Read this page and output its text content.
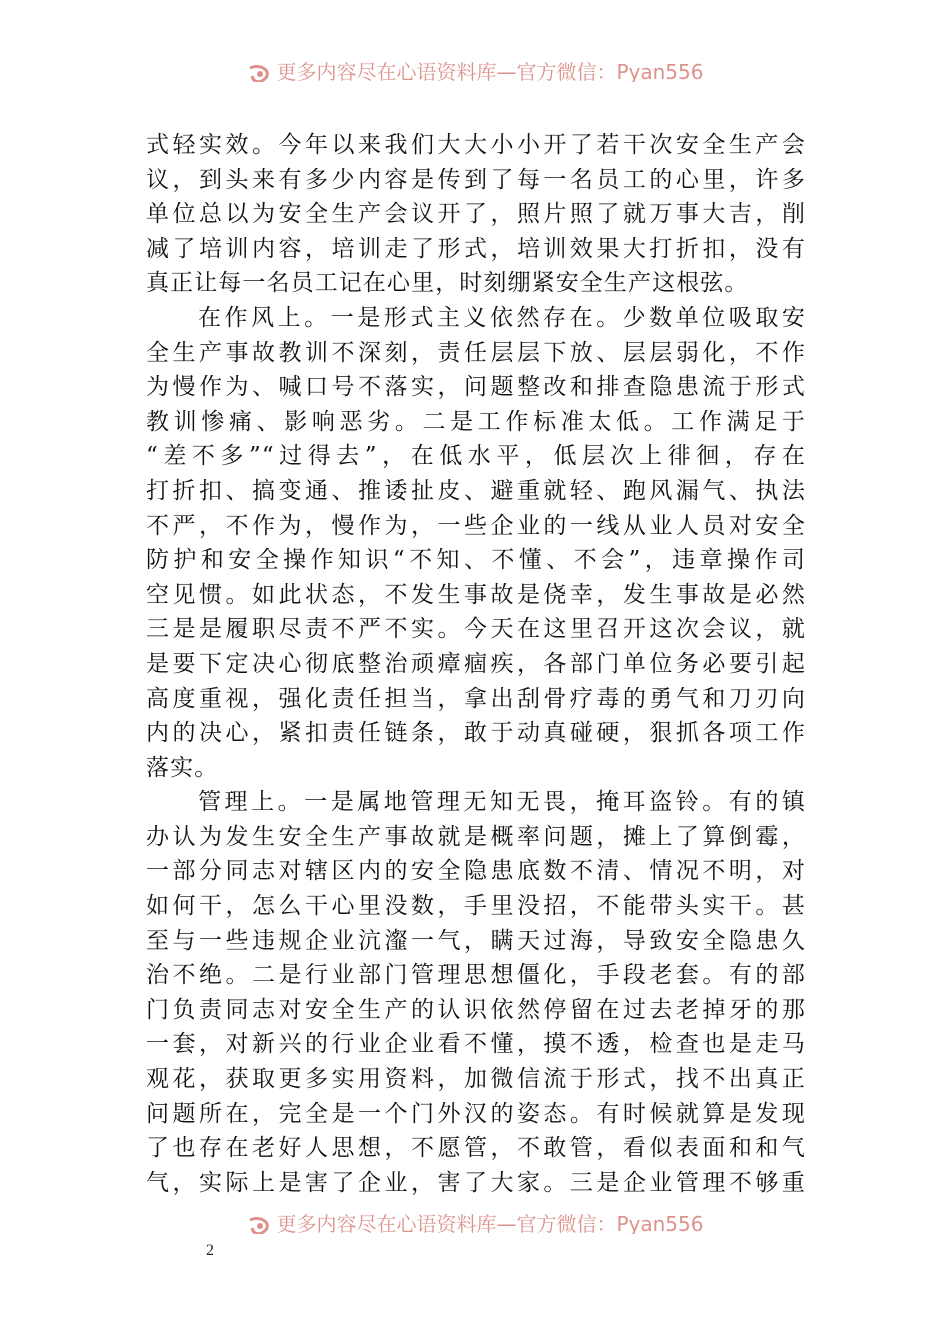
更多内容尽在心语资料库—官方微信：Pyan556
式轻实效。今年以来我们大大小小开了若干次安全生产会
议，到头来有多少内容是传到了每一名员工的心里，许多
单位总以为安全生产会议开了，照片照了就万事大吉，削
减了培训内容，培训走了形式，培训效果大打折扣，没有
真正让每一名员工记在心里，时刻绷紧安全生产这根弦。
在作风上。一是形式主义依然存在。少数单位吸取安
全生产事故教训不深刻，责任层层下放、层层弱化，不作
为慢作为、喊口号不落实，问题整改和排查隐患流于形式
教训惨痛、影响恶劣。二是工作标准太低。工作满足于
“差不多”“过得去”，在低水平，低层次上徘徊，存在
打折扣、搞变通、推诿扯皮、避重就轻、跑风漏气、执法
不严，不作为，慢作为，一些企业的一线从业人员对安全
防护和安全操作知识“不知、不懂、不会”，违章操作司
空见惯。如此状态，不发生事故是侥幸，发生事故是必然
三是是履职尽责不严不实。今天在这里召开这次会议，就
是要下定决心彻底整治顽瘴痼疾，各部门单位务必要引起
高度重视，强化责任担当，拿出刮骨疗毒的勇气和刀刃向
内的决心，紧扣责任链条，敢于动真碰硬，狠抓各项工作
落实。
管理上。一是属地管理无知无畏，掩耳盗铃。有的镇
办认为发生安全生产事故就是概率问题，摊上了算倒霉，
一部分同志对辖区内的安全隐患底数不清、情况不明，对
如何干，怎么干心里没数，手里没招，不能带头实干。甚
至与一些违规企业沆瀣一气，瞒天过海，导致安全隐患久
治不绝。二是行业部门管理思想僵化，手段老套。有的部
门负责同志对安全生产的认识依然停留在过去老掉牙的那
一套，对新兴的行业企业看不懂，摸不透，检查也是走马
观花，获取更多实用资料，加微信流于形式，找不出真正
问题所在，完全是一个门外汉的姿态。有时候就算是发现
了也存在老好人思想，不愿管，不敢管，看似表面和和气
气，实际上是害了企业，害了大家。三是企业管理不够重
更多内容尽在心语资料库—官方微信：Pyan556
2
